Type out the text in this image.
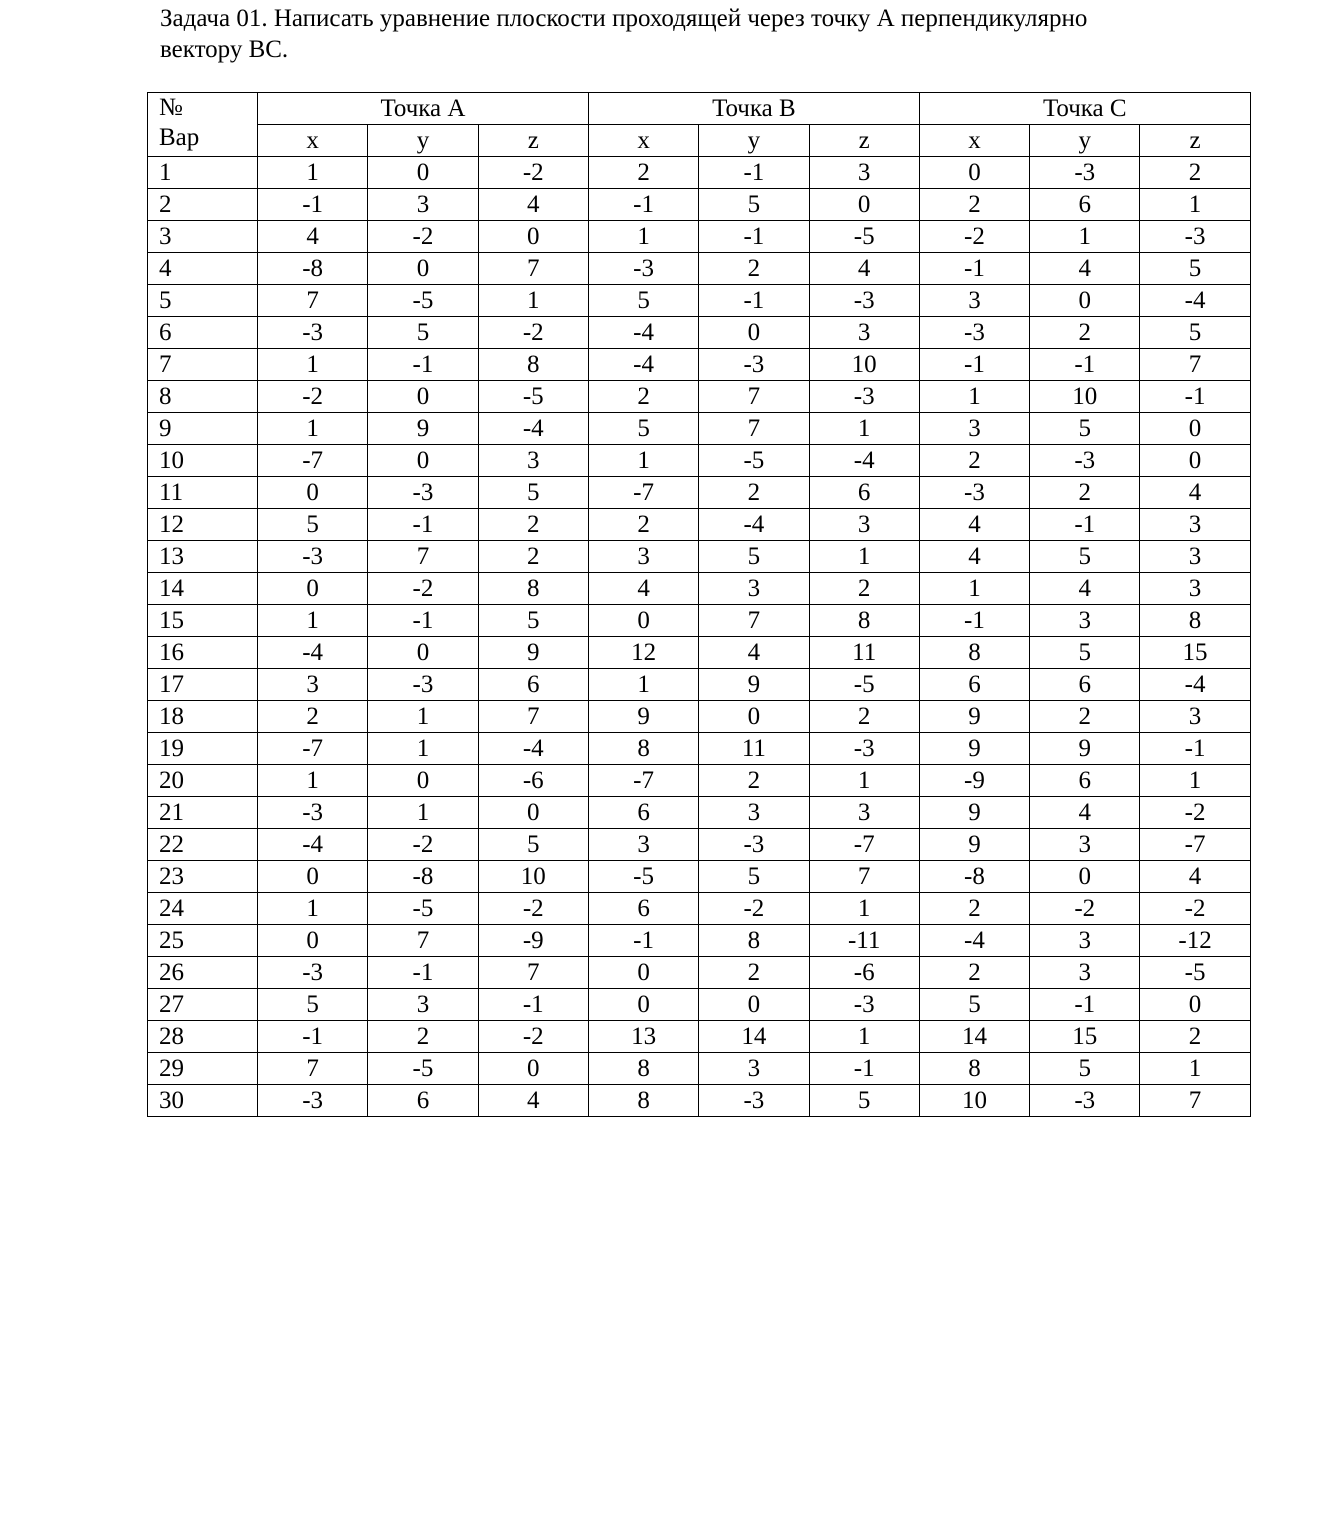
Задача 01. Написать уравнение плоскости проходящей через точку А перпендикулярно
вектору ВС.

№
Вар	Точка А			Точка В			Точка С		
	x	y	z	x	y	z	x	y	z
1	1	0	-2	2	-1	3	0	-3	2
2	-1	3	4	-1	5	0	2	6	1
3	4	-2	0	1	-1	-5	-2	1	-3
4	-8	0	7	-3	2	4	-1	4	5
5	7	-5	1	5	-1	-3	3	0	-4
6	-3	5	-2	-4	0	3	-3	2	5
7	1	-1	8	-4	-3	10	-1	-1	7
8	-2	0	-5	2	7	-3	1	10	-1
9	1	9	-4	5	7	1	3	5	0
10	-7	0	3	1	-5	-4	2	-3	0
11	0	-3	5	-7	2	6	-3	2	4
12	5	-1	2	2	-4	3	4	-1	3
13	-3	7	2	3	5	1	4	5	3
14	0	-2	8	4	3	2	1	4	3
15	1	-1	5	0	7	8	-1	3	8
16	-4	0	9	12	4	11	8	5	15
17	3	-3	6	1	9	-5	6	6	-4
18	2	1	7	9	0	2	9	2	3
19	-7	1	-4	8	11	-3	9	9	-1
20	1	0	-6	-7	2	1	-9	6	1
21	-3	1	0	6	3	3	9	4	-2
22	-4	-2	5	3	-3	-7	9	3	-7
23	0	-8	10	-5	5	7	-8	0	4
24	1	-5	-2	6	-2	1	2	-2	-2
25	0	7	-9	-1	8	-11	-4	3	-12
26	-3	-1	7	0	2	-6	2	3	-5
27	5	3	-1	0	0	-3	5	-1	0
28	-1	2	-2	13	14	1	14	15	2
29	7	-5	0	8	3	-1	8	5	1
30	-3	6	4	8	-3	5	10	-3	7
